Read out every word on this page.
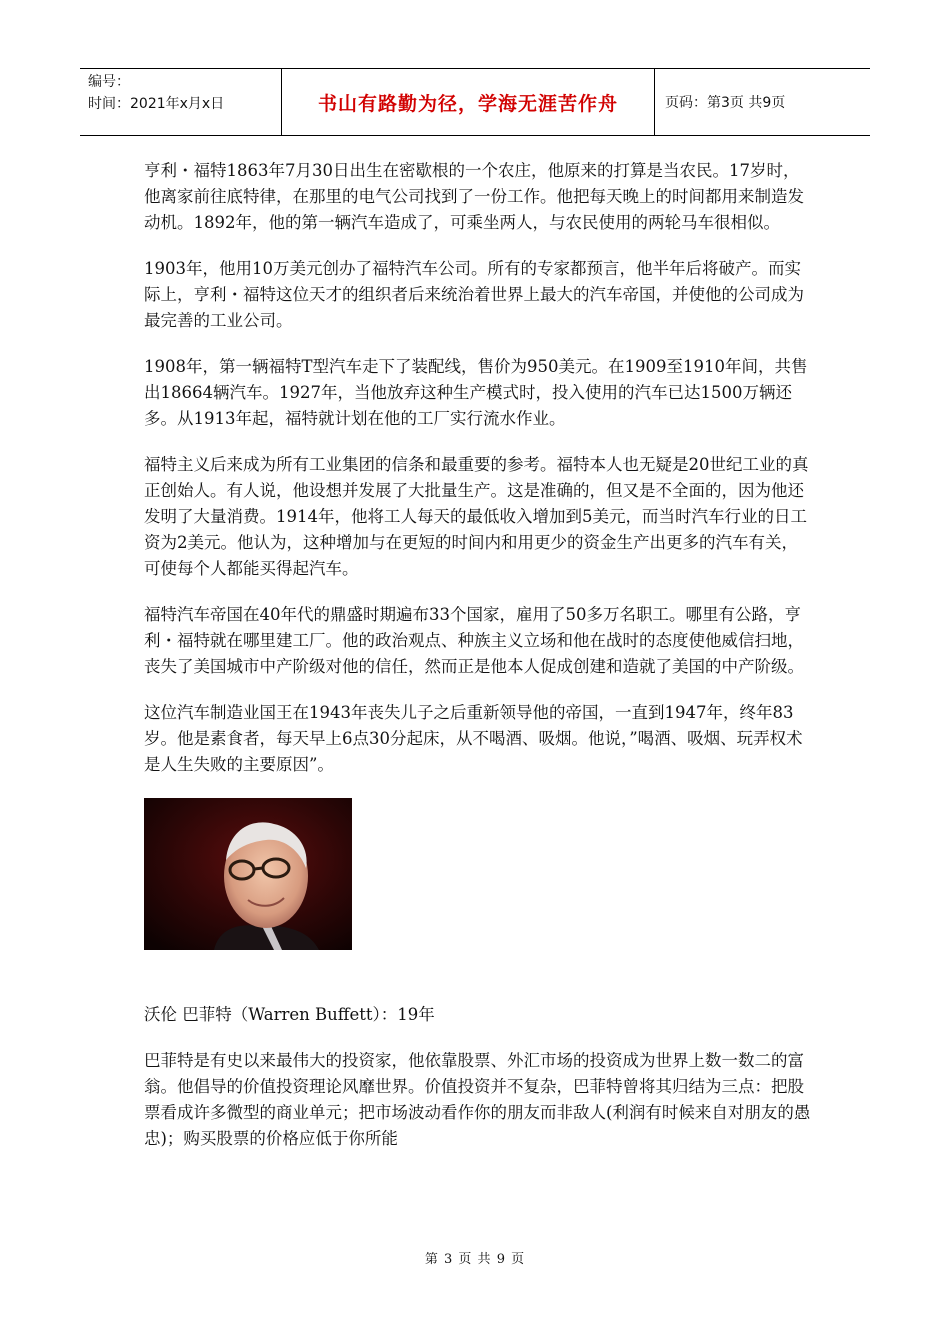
编号：
时间：2021年x月x日	书山有路勤为径，学海无涯苦作舟	页码：第3页 共9页

亨利・福特1863年7月30日出生在密歇根的一个农庄，他原来的打算是当农民。17岁时，他离家前往底特律，在那里的电气公司找到了一份工作。他把每天晚上的时间都用来制造发动机。1892年，他的第一辆汽车造成了，可乘坐两人，与农民使用的两轮马车很相似。

1903年，他用10万美元创办了福特汽车公司。所有的专家都预言，他半年后将破产。而实际上，亨利・福特这位天才的组织者后来统治着世界上最大的汽车帝国，并使他的公司成为最完善的工业公司。

1908年，第一辆福特T型汽车走下了装配线，售价为950美元。在1909至1910年间，共售出18664辆汽车。1927年，当他放弃这种生产模式时，投入使用的汽车已达1500万辆还多。从1913年起，福特就计划在他的工厂实行流水作业。

福特主义后来成为所有工业集团的信条和最重要的参考。福特本人也无疑是20世纪工业的真正创始人。有人说，他设想并发展了大批量生产。这是准确的，但又是不全面的，因为他还发明了大量消费。1914年，他将工人每天的最低收入增加到5美元，而当时汽车行业的日工资为2美元。他认为，这种增加与在更短的时间内和用更少的资金生产出更多的汽车有关，可使每个人都能买得起汽车。

福特汽车帝国在40年代的鼎盛时期遍布33个国家，雇用了50多万名职工。哪里有公路，亨利・福特就在哪里建工厂。他的政治观点、种族主义立场和他在战时的态度使他威信扫地，丧失了美国城市中产阶级对他的信任，然而正是他本人促成创建和造就了美国的中产阶级。

这位汽车制造业国王在1943年丧失儿子之后重新领导他的帝国，一直到1947年，终年83岁。他是素食者，每天早上6点30分起床，从不喝酒、吸烟。他说，”喝酒、吸烟、玩弄权术是人生失败的主要原因”。

沃伦 巴菲特（Warren Buffett）：19年

巴菲特是有史以来最伟大的投资家，他依靠股票、外汇市场的投资成为世界上数一数二的富翁。他倡导的价值投资理论风靡世界。价值投资并不复杂，巴菲特曾将其归结为三点：把股票看成许多微型的商业单元；把市场波动看作你的朋友而非敌人(利润有时候来自对朋友的愚忠)；购买股票的价格应低于你所能

第 3 页 共 9 页
